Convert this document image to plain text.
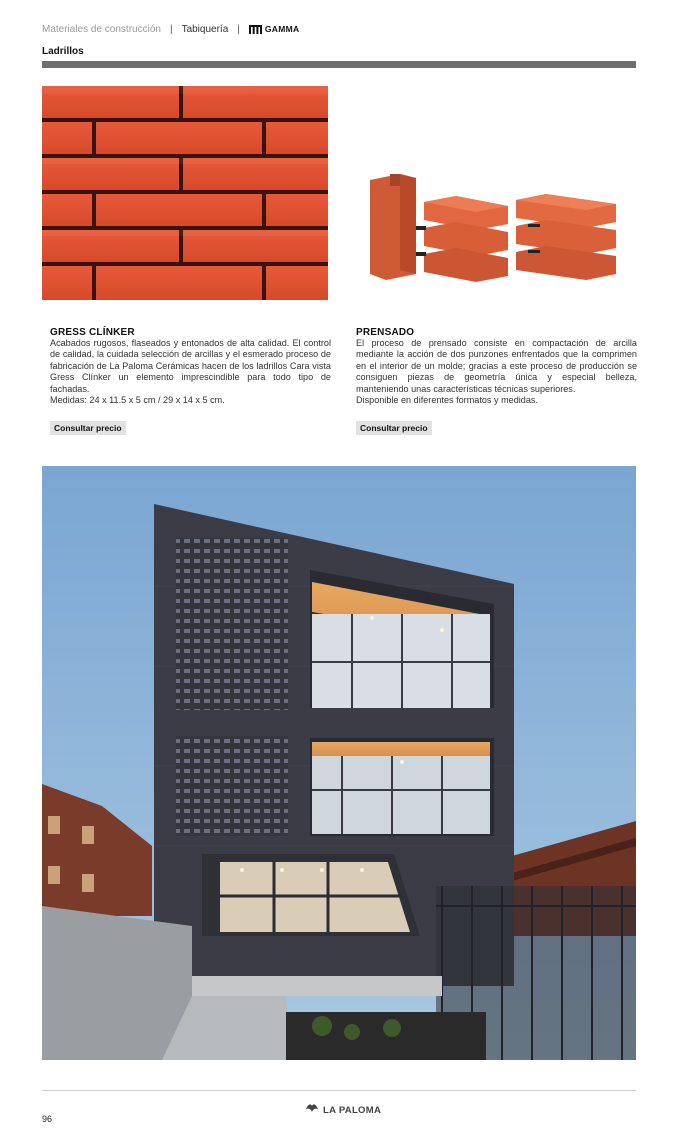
Materiales de construcción | Tabiquería |	GAMMA
Ladrillos
GRESS CLÍNKER

Acabados rugosos, flaseados y entonados de alta calidad. El control de calidad, la cuidada selección de arcillas y el esmerado proceso de fabricación de La Paloma Cerámicas hacen de los ladrillos Cara vista Gress Clínker un elemento imprescindible para todo tipo de fachadas.

Medidas: 24 x 11.5 x 5 cm / 29 x 14 x 5 cm.

Consultar precio
PRENSADO

El proceso de prensado consiste en compactación de arcilla mediante la acción de dos punzones enfrentados que la comprimen en el interior de un molde; gracias a este proceso de producción se consiguen piezas de geometría única y especial belleza, manteniendo unas características técnicas superiores.

Disponible en diferentes formatos y medidas.

Consultar precio
LA PALOMA
96
